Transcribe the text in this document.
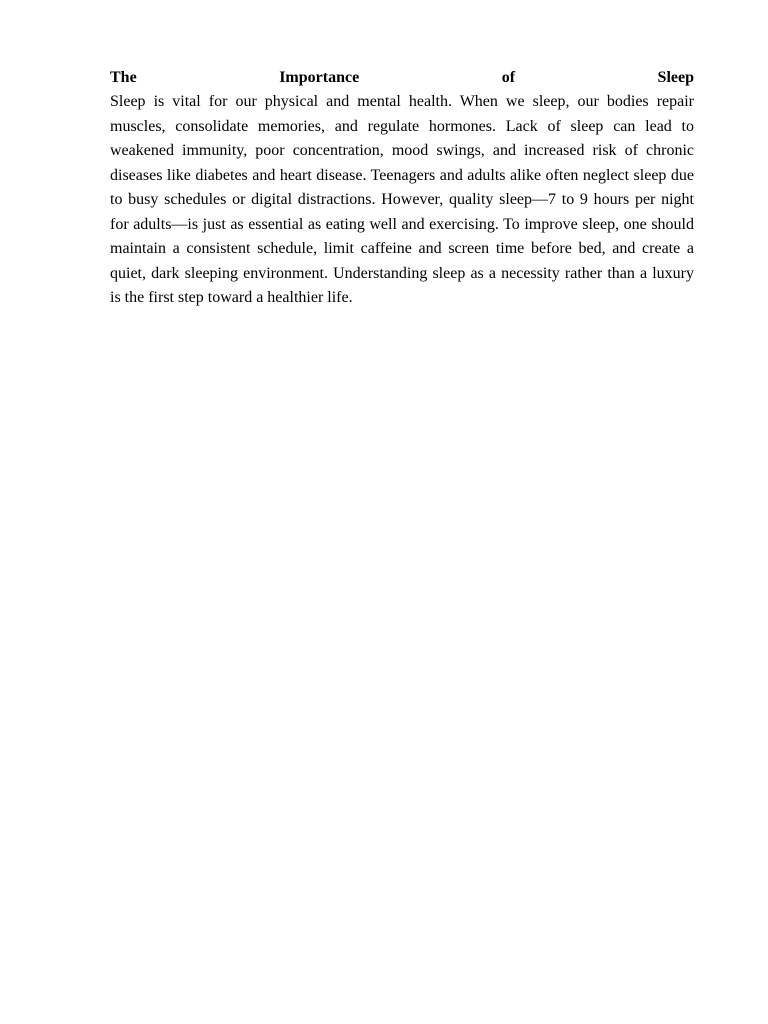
The Importance of Sleep

Sleep is vital for our physical and mental health. When we sleep, our bodies repair muscles, consolidate memories, and regulate hormones. Lack of sleep can lead to weakened immunity, poor concentration, mood swings, and increased risk of chronic diseases like diabetes and heart disease. Teenagers and adults alike often neglect sleep due to busy schedules or digital distractions. However, quality sleep—7 to 9 hours per night for adults—is just as essential as eating well and exercising. To improve sleep, one should maintain a consistent schedule, limit caffeine and screen time before bed, and create a quiet, dark sleeping environment. Understanding sleep as a necessity rather than a luxury is the first step toward a healthier life.
